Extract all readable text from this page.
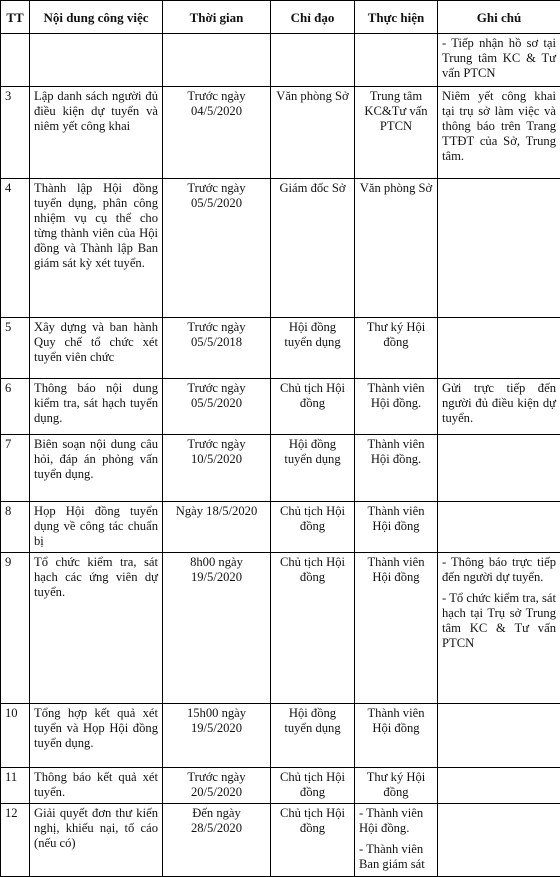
TT	Nội dung công việc	Thời gian	Chỉ đạo	Thực hiện	Ghi chú

					- Tiếp nhận hồ sơ tại Trung tâm KC & Tư vấn PTCN

3	Lập danh sách người đủ điều kiện dự tuyển và niêm yết công khai	Trước ngày 04/5/2020	Văn phòng Sở	Trung tâm KC&Tư vấn PTCN	Niêm yết công khai tại trụ sở làm việc và thông báo trên Trang TTĐT của Sở, Trung tâm.

4	Thành lập Hội đồng tuyển dụng, phân công nhiệm vụ cụ thể cho từng thành viên của Hội đồng và Thành lập Ban giám sát kỳ xét tuyển.	Trước ngày 05/5/2020	Giám đốc Sở	Văn phòng Sở	
5	Xây dựng và ban hành Quy chế tổ chức xét tuyển viên chức	Trước ngày 05/5/2018	Hội đồng tuyển dụng	Thư ký Hội đồng	
6	Thông báo nội dung kiểm tra, sát hạch tuyển dụng.	Trước ngày 05/5/2020	Chủ tịch Hội đồng	Thành viên Hội đồng.	Gửi trực tiếp đến người đủ điều kiện dự tuyển.

7	Biên soạn nội dung câu hỏi, đáp án phỏng vấn tuyển dụng.	Trước ngày 10/5/2020	Hội đồng tuyển dụng	Thành viên Hội đồng.	
8	Họp Hội đồng tuyển dụng về công tác chuẩn bị	Ngày 18/5/2020	Chủ tịch Hội đồng	Thành viên Hội đồng	
9	Tổ chức kiểm tra, sát hạch các ứng viên dự tuyển.	8h00 ngày 19/5/2020	Chủ tịch Hội đồng	Thành viên Hội đồng	- Thông báo trực tiếp đến người dự tuyển.
- Tổ chức kiểm tra, sát hạch tại Trụ sở Trung tâm KC & Tư vấn PTCN

10	Tổng hợp kết quả xét tuyển và Họp Hội đồng tuyển dụng.	15h00 ngày 19/5/2020	Hội đồng tuyển dụng	Thành viên Hội đồng	
11	Thông báo kết quả xét tuyển.	Trước ngày 20/5/2020	Chủ tịch Hội đồng	Thư ký Hội đồng	
12	Giải quyết đơn thư kiến nghị, khiếu nại, tố cáo (nếu có)	Đến ngày 28/5/2020	Chủ tịch Hội đồng	- Thành viên Hội đồng.
- Thành viên Ban giám sát	
